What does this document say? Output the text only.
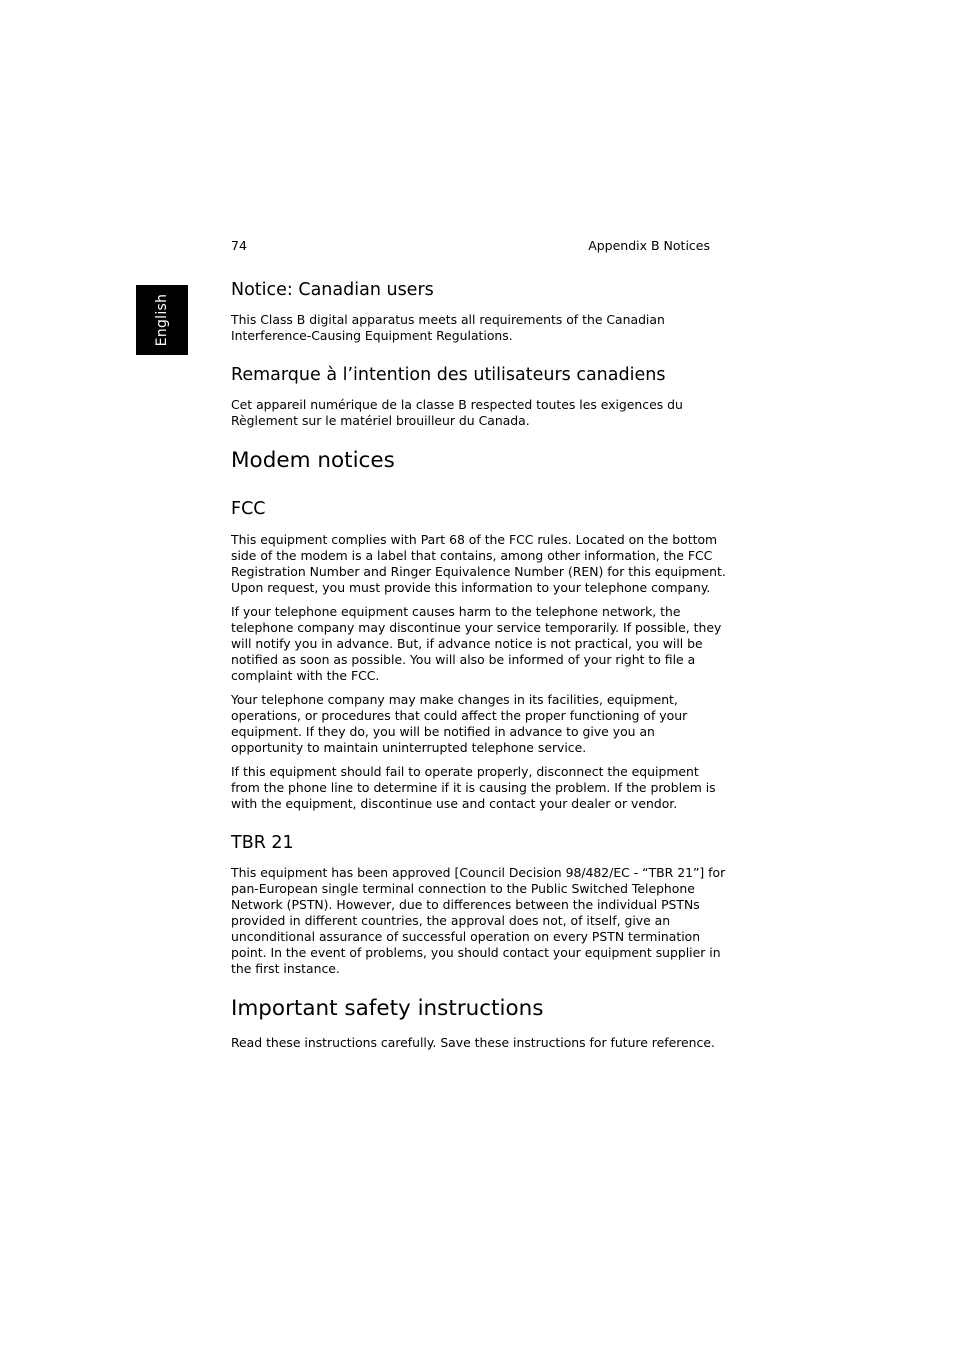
74	Appendix B Notices
English
Notice: Canadian users

This Class B digital apparatus meets all requirements of the Canadian
Interference-Causing Equipment Regulations.

Remarque à l’intention des utilisateurs canadiens

Cet appareil numérique de la classe B respected toutes les exigences du
Règlement sur le matériel brouilleur du Canada.

Modem notices
FCC

This equipment complies with Part 68 of the FCC rules. Located on the bottom
side of the modem is a label that contains, among other information, the FCC
Registration Number and Ringer Equivalence Number (REN) for this equipment.
Upon request, you must provide this information to your telephone company.

If your telephone equipment causes harm to the telephone network, the
telephone company may discontinue your service temporarily. If possible, they
will notify you in advance. But, if advance notice is not practical, you will be
notified as soon as possible. You will also be informed of your right to file a
complaint with the FCC.

Your telephone company may make changes in its facilities, equipment,
operations, or procedures that could affect the proper functioning of your
equipment. If they do, you will be notified in advance to give you an
opportunity to maintain uninterrupted telephone service.

If this equipment should fail to operate properly, disconnect the equipment
from the phone line to determine if it is causing the problem. If the problem is
with the equipment, discontinue use and contact your dealer or vendor.

TBR 21

This equipment has been approved [Council Decision 98/482/EC - “TBR 21”] for
pan-European single terminal connection to the Public Switched Telephone
Network (PSTN). However, due to differences between the individual PSTNs
provided in different countries, the approval does not, of itself, give an
unconditional assurance of successful operation on every PSTN termination
point. In the event of problems, you should contact your equipment supplier in
the first instance.

Important safety instructions

Read these instructions carefully. Save these instructions for future reference.
